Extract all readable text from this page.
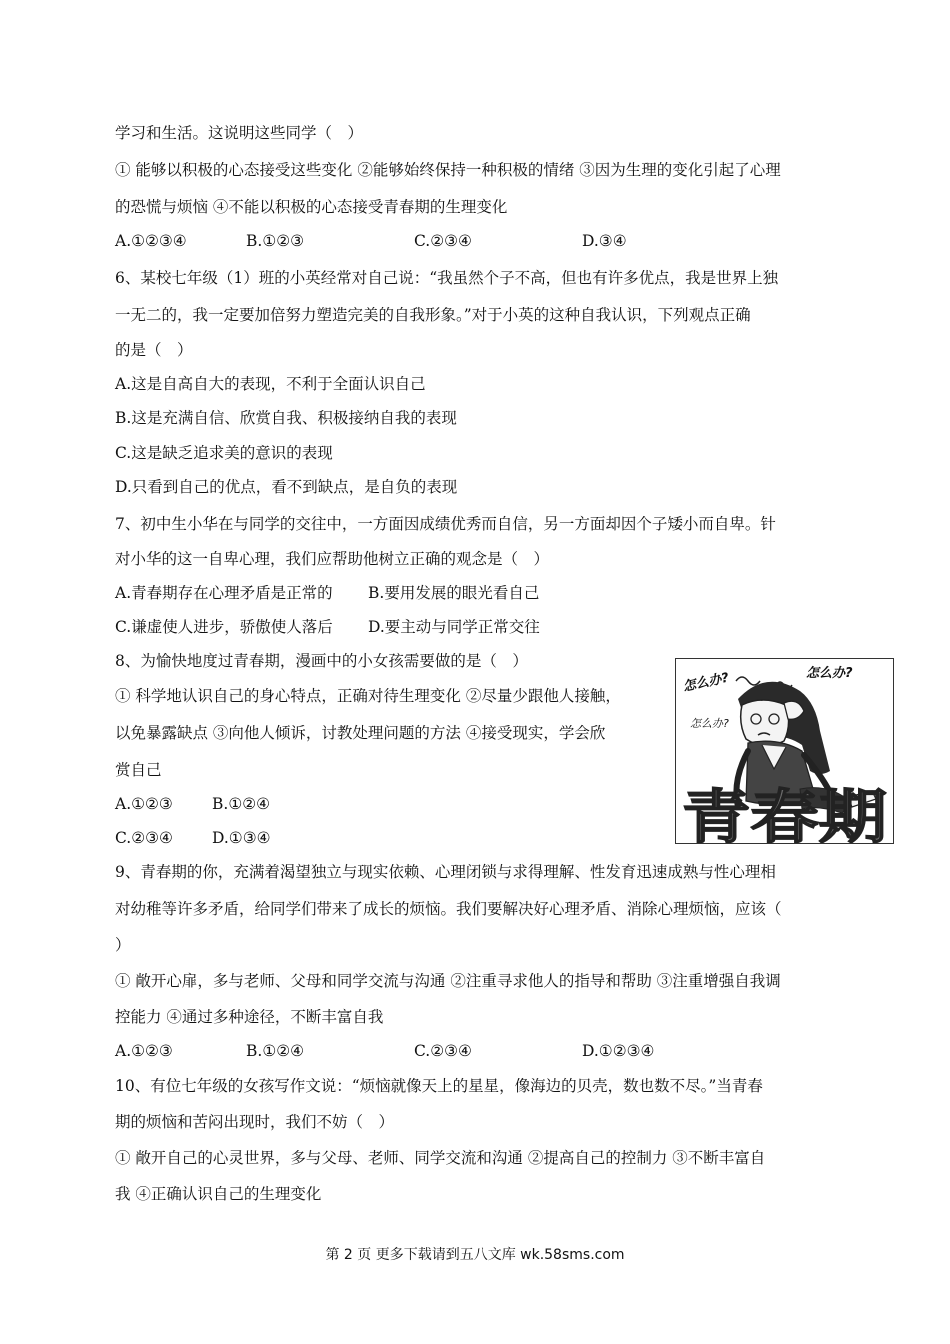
学习和生活。这说明这些同学（　）
① 能够以积极的心态接受这些变化 ②能够始终保持一种积极的情绪 ③因为生理的变化引起了心理
的恐慌与烦恼 ④不能以积极的心态接受青春期的生理变化
A.①②③④	B.①②③	C.②③④	D.③④
6、某校七年级（1）班的小英经常对自己说：“我虽然个子不高，但也有许多优点，我是世界上独
一无二的，我一定要加倍努力塑造完美的自我形象。”对于小英的这种自我认识，下列观点正确
的是（　）
A.这是自高自大的表现，不利于全面认识自己
B.这是充满自信、欣赏自我、积极接纳自我的表现
C.这是缺乏追求美的意识的表现
D.只看到自己的优点，看不到缺点，是自负的表现
7、初中生小华在与同学的交往中，一方面因成绩优秀而自信，另一方面却因个子矮小而自卑。针
对小华的这一自卑心理，我们应帮助他树立正确的观念是（　）
A.青春期存在心理矛盾是正常的 B.要用发展的眼光看自己
C.谦虚使人进步，骄傲使人落后 D.要主动与同学正常交往
8、为愉快地度过青春期，漫画中的小女孩需要做的是（　）
① 科学地认识自己的身心特点，正确对待生理变化 ②尽量少跟他人接触，
以免暴露缺点 ③向他人倾诉，讨教处理问题的方法 ④接受现实，学会欣
赏自己
A.①②③	B.①②④
C.②③④	D.①③④
怎么办?	怎么办?
怎么办?
青春期
9、青春期的你，充满着渴望独立与现实依赖、心理闭锁与求得理解、性发育迅速成熟与性心理相
对幼稚等许多矛盾，给同学们带来了成长的烦恼。我们要解决好心理矛盾、消除心理烦恼，应该（
）
① 敞开心扉，多与老师、父母和同学交流与沟通 ②注重寻求他人的指导和帮助 ③注重增强自我调
控能力 ④通过多种途径，不断丰富自我
A.①②③	B.①②④	C.②③④	D.①②③④
10、有位七年级的女孩写作文说：“烦恼就像天上的星星，像海边的贝壳，数也数不尽。”当青春
期的烦恼和苦闷出现时，我们不妨（　）
① 敞开自己的心灵世界，多与父母、老师、同学交流和沟通 ②提高自己的控制力 ③不断丰富自
我 ④正确认识自己的生理变化
第 2 页 更多下载请到五八文库 wk.58sms.com
